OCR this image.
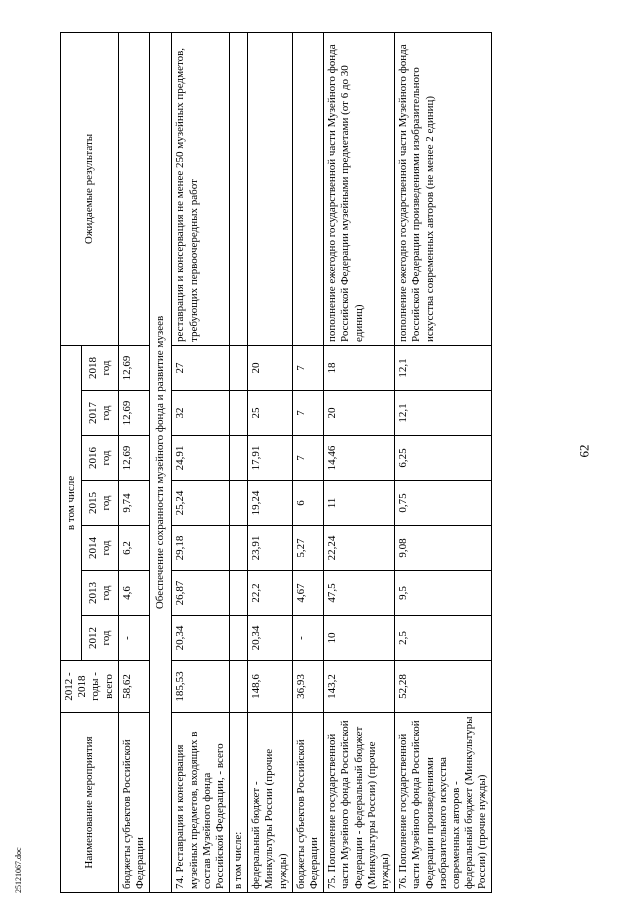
62
25121067.doc
Наименование мероприятия	2012 - 2018 годы - всего	в том числе							Ожидаемые результаты
		2012 год	2013 год	2014 год	2015 год	2016 год	2017 год	2018 год	
бюджеты субъектов Российской Федерации	58,62	-	4,6	6,2	9,74	12,69	12,69	12,69	
Обеспечение сохранности музейного фонда и развитие музеев									
74. Реставрация и консервация музейных предметов, входящих в состав Музейного фонда Российской Федерации, - всего	185,53	20,34	26,87	29,18	25,24	24,91	32	27	реставрация и консервация не менее 250 музейных предметов, требующих первоочередных работ
в том числе:									
федеральный бюджет - Минкультуры России (прочие нужды)	148,6	20,34	22,2	23,91	19,24	17,91	25	20	
бюджеты субъектов Российской Федерации	36,93	-	4,67	5,27	6	7	7	7	
75. Пополнение государственной части Музейного фонда Российской Федерации - федеральный бюджет (Минкультуры России) (прочие нужды)	143,2	10	47,5	22,24	11	14,46	20	18	пополнение ежегодно государственной части Музейного фонда Российской Федерации музейными предметами (от 6 до 30 единиц)
76. Пополнение государственной части Музейного фонда Российской Федерации произведениями изобразительного искусства современных авторов - федеральный бюджет (Минкультуры России) (прочие нужды)	52,28	2,5	9,5	9,08	0,75	6,25	12,1	12,1	пополнение ежегодно государственной части Музейного фонда Российской Федерации произведениями изобразительного искусства современных авторов (не менее 2 единиц)
